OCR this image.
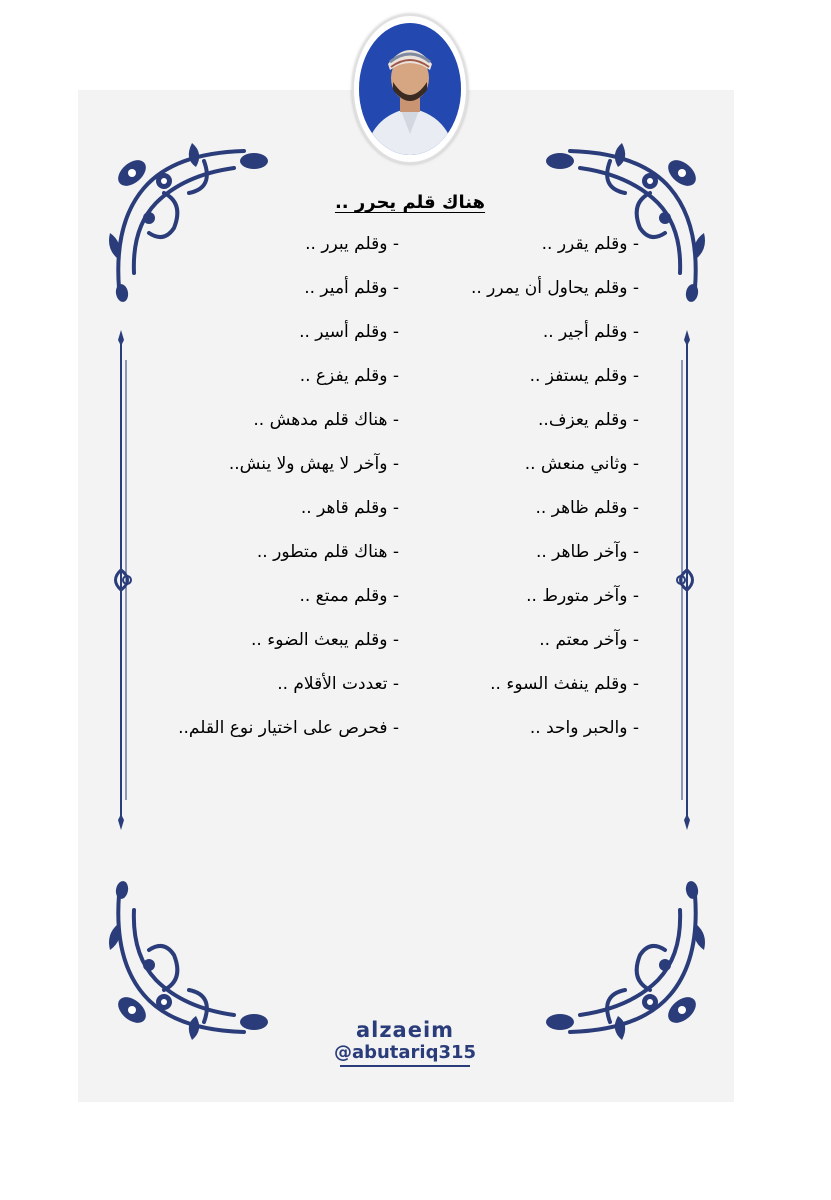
هناك قلم يحرر ..
- وقلم يقرر ..
- وقلم يحاول أن يمرر ..
- وقلم أجير ..
- وقلم يستفز ..
- وقلم يعزف..
- وثاني منعش ..
- وقلم ظاهر ..
- وآخر طاهر ..
- وآخر متورط ..
- وآخر معتم ..
- وقلم ينفث السوء ..
- والحبر واحد ..
- وقلم يبرر ..
- وقلم أمير ..
- وقلم أسير ..
- وقلم يفزع ..
- هناك قلم مدهش ..
- وآخر لا يهش ولا ينش..
- وقلم قاهر ..
- هناك قلم متطور ..
- وقلم ممتع ..
- وقلم يبعث الضوء ..
- تعددت الأقلام ..
- فحرص على اختيار نوع القلم..
alzaeim
@abutariq315
